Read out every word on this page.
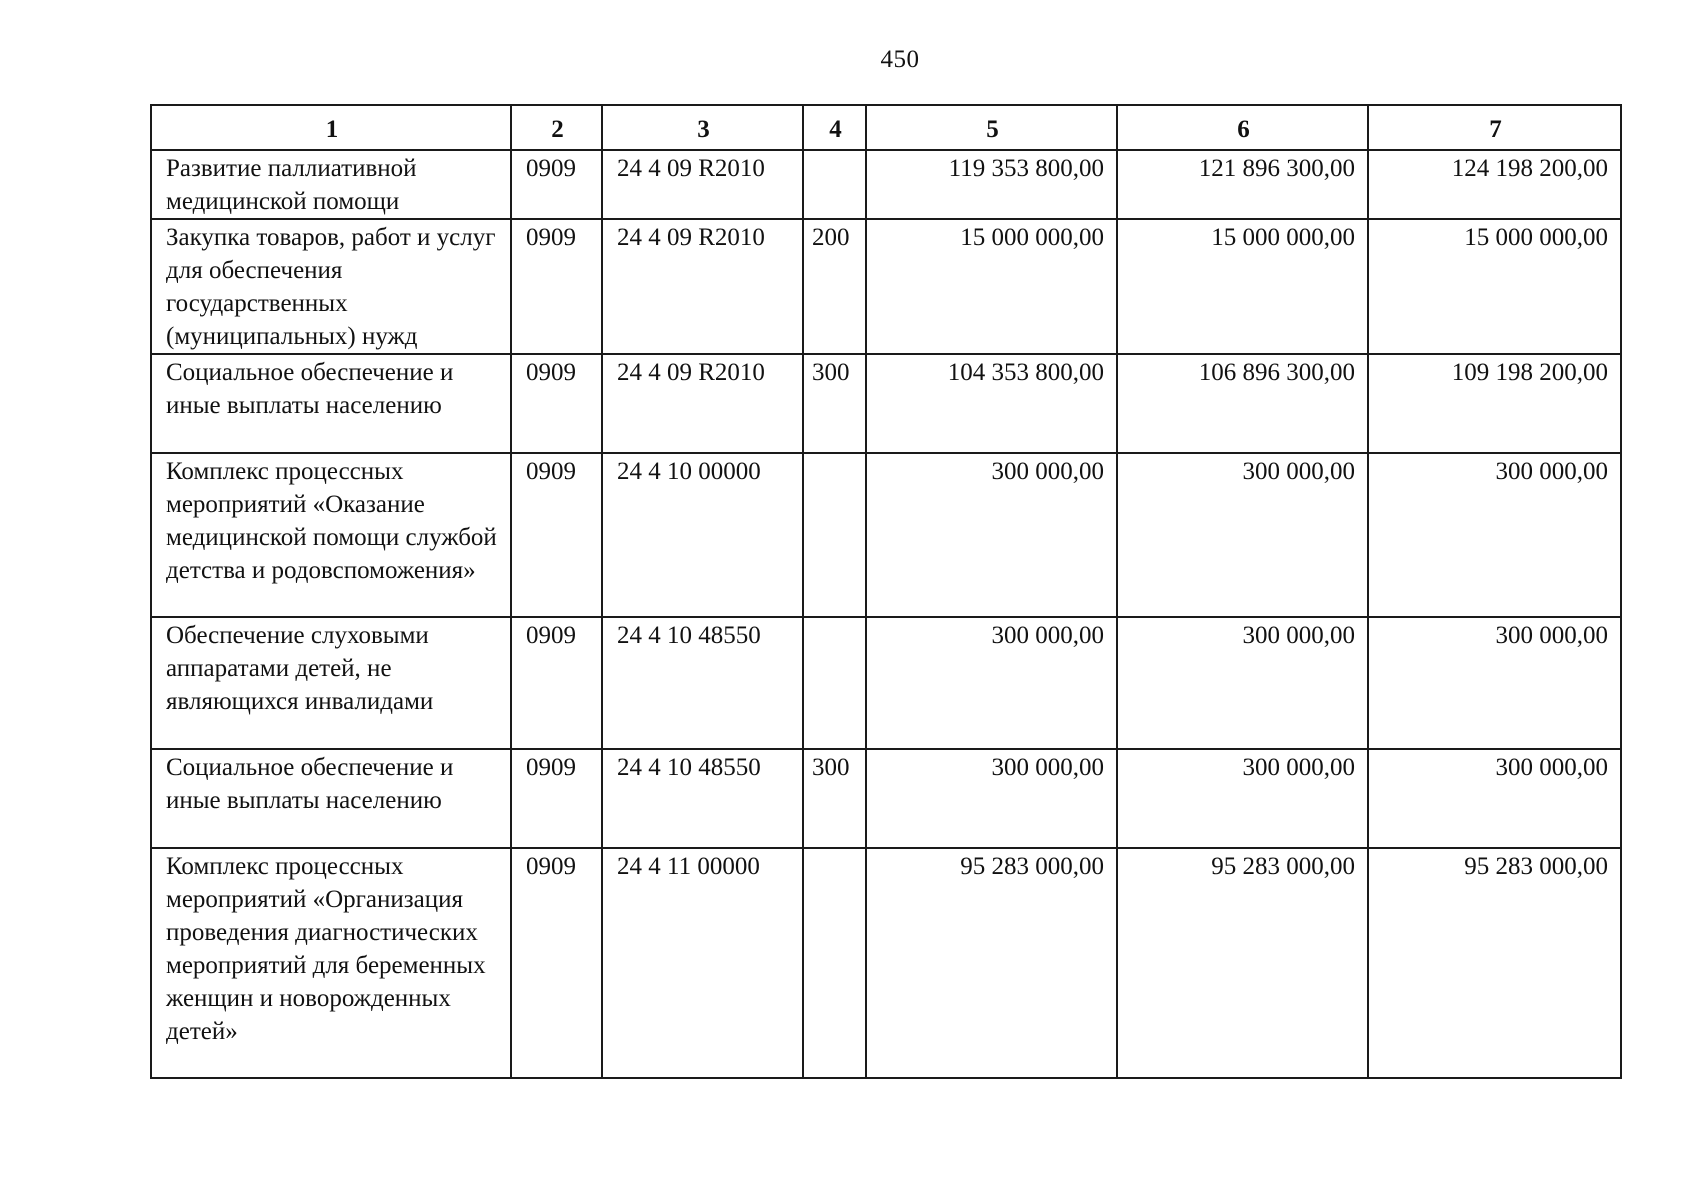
450
1	2	3	4	5	6	7
Развитие паллиативной медицинской помощи	0909	24 4 09 R2010		119 353 800,00	121 896 300,00	124 198 200,00
Закупка товаров, работ и услуг для обеспечения государственных (муниципальных) нужд	0909	24 4 09 R2010	200	15 000 000,00	15 000 000,00	15 000 000,00
Социальное обеспечение и иные выплаты населению	0909	24 4 09 R2010	300	104 353 800,00	106 896 300,00	109 198 200,00
Комплекс процессных мероприятий «Оказание медицинской помощи службой детства и родовспоможения»	0909	24 4 10 00000		300 000,00	300 000,00	300 000,00
Обеспечение слуховыми аппаратами детей, не являющихся инвалидами	0909	24 4 10 48550		300 000,00	300 000,00	300 000,00
Социальное обеспечение и иные выплаты населению	0909	24 4 10 48550	300	300 000,00	300 000,00	300 000,00
Комплекс процессных мероприятий «Организация проведения диагностических мероприятий для беременных женщин и новорожденных детей»	0909	24 4 11 00000		95 283 000,00	95 283 000,00	95 283 000,00
